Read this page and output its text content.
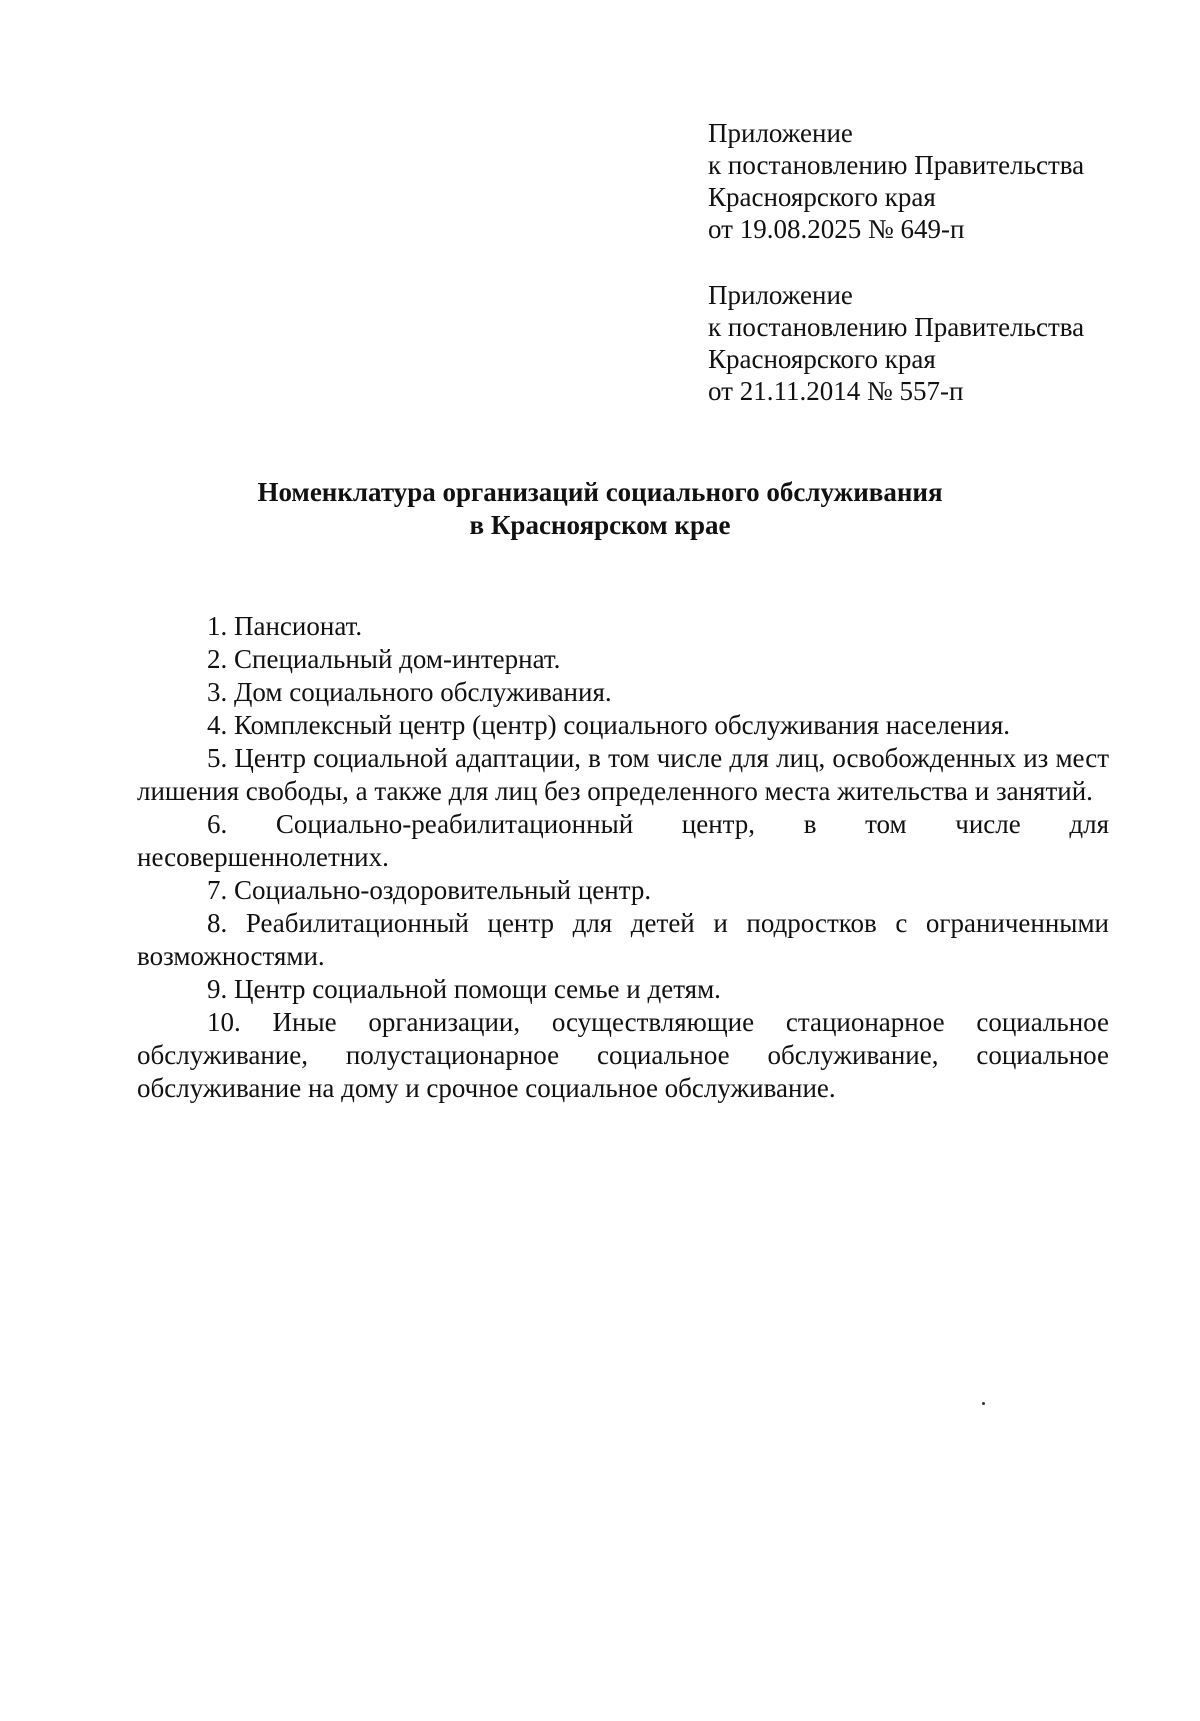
Приложение
к постановлению Правительства
Красноярского края
от 19.08.2025 № 649-п
Приложение
к постановлению Правительства
Красноярского края
от 21.11.2014 № 557-п
Номенклатура организаций социального обслуживания
в Красноярском крае

1. Пансионат.

2. Специальный дом-интернат.

3. Дом социального обслуживания.

4. Комплексный центр (центр) социального обслуживания населения.

5. Центр социальной адаптации, в том числе для лиц, освобожденных из мест лишения свободы, а также для лиц без определенного места жительства и занятий.

6. Социально-реабилитационный центр, в том числе для несовершеннолетних.

7. Социально-оздоровительный центр.

8. Реабилитационный центр для детей и подростков с ограниченными возможностями.

9. Центр социальной помощи семье и детям.

10. Иные организации, осуществляющие стационарное социальное обслуживание, полустационарное социальное обслуживание, социальное обслуживание на дому и срочное социальное обслуживание.
